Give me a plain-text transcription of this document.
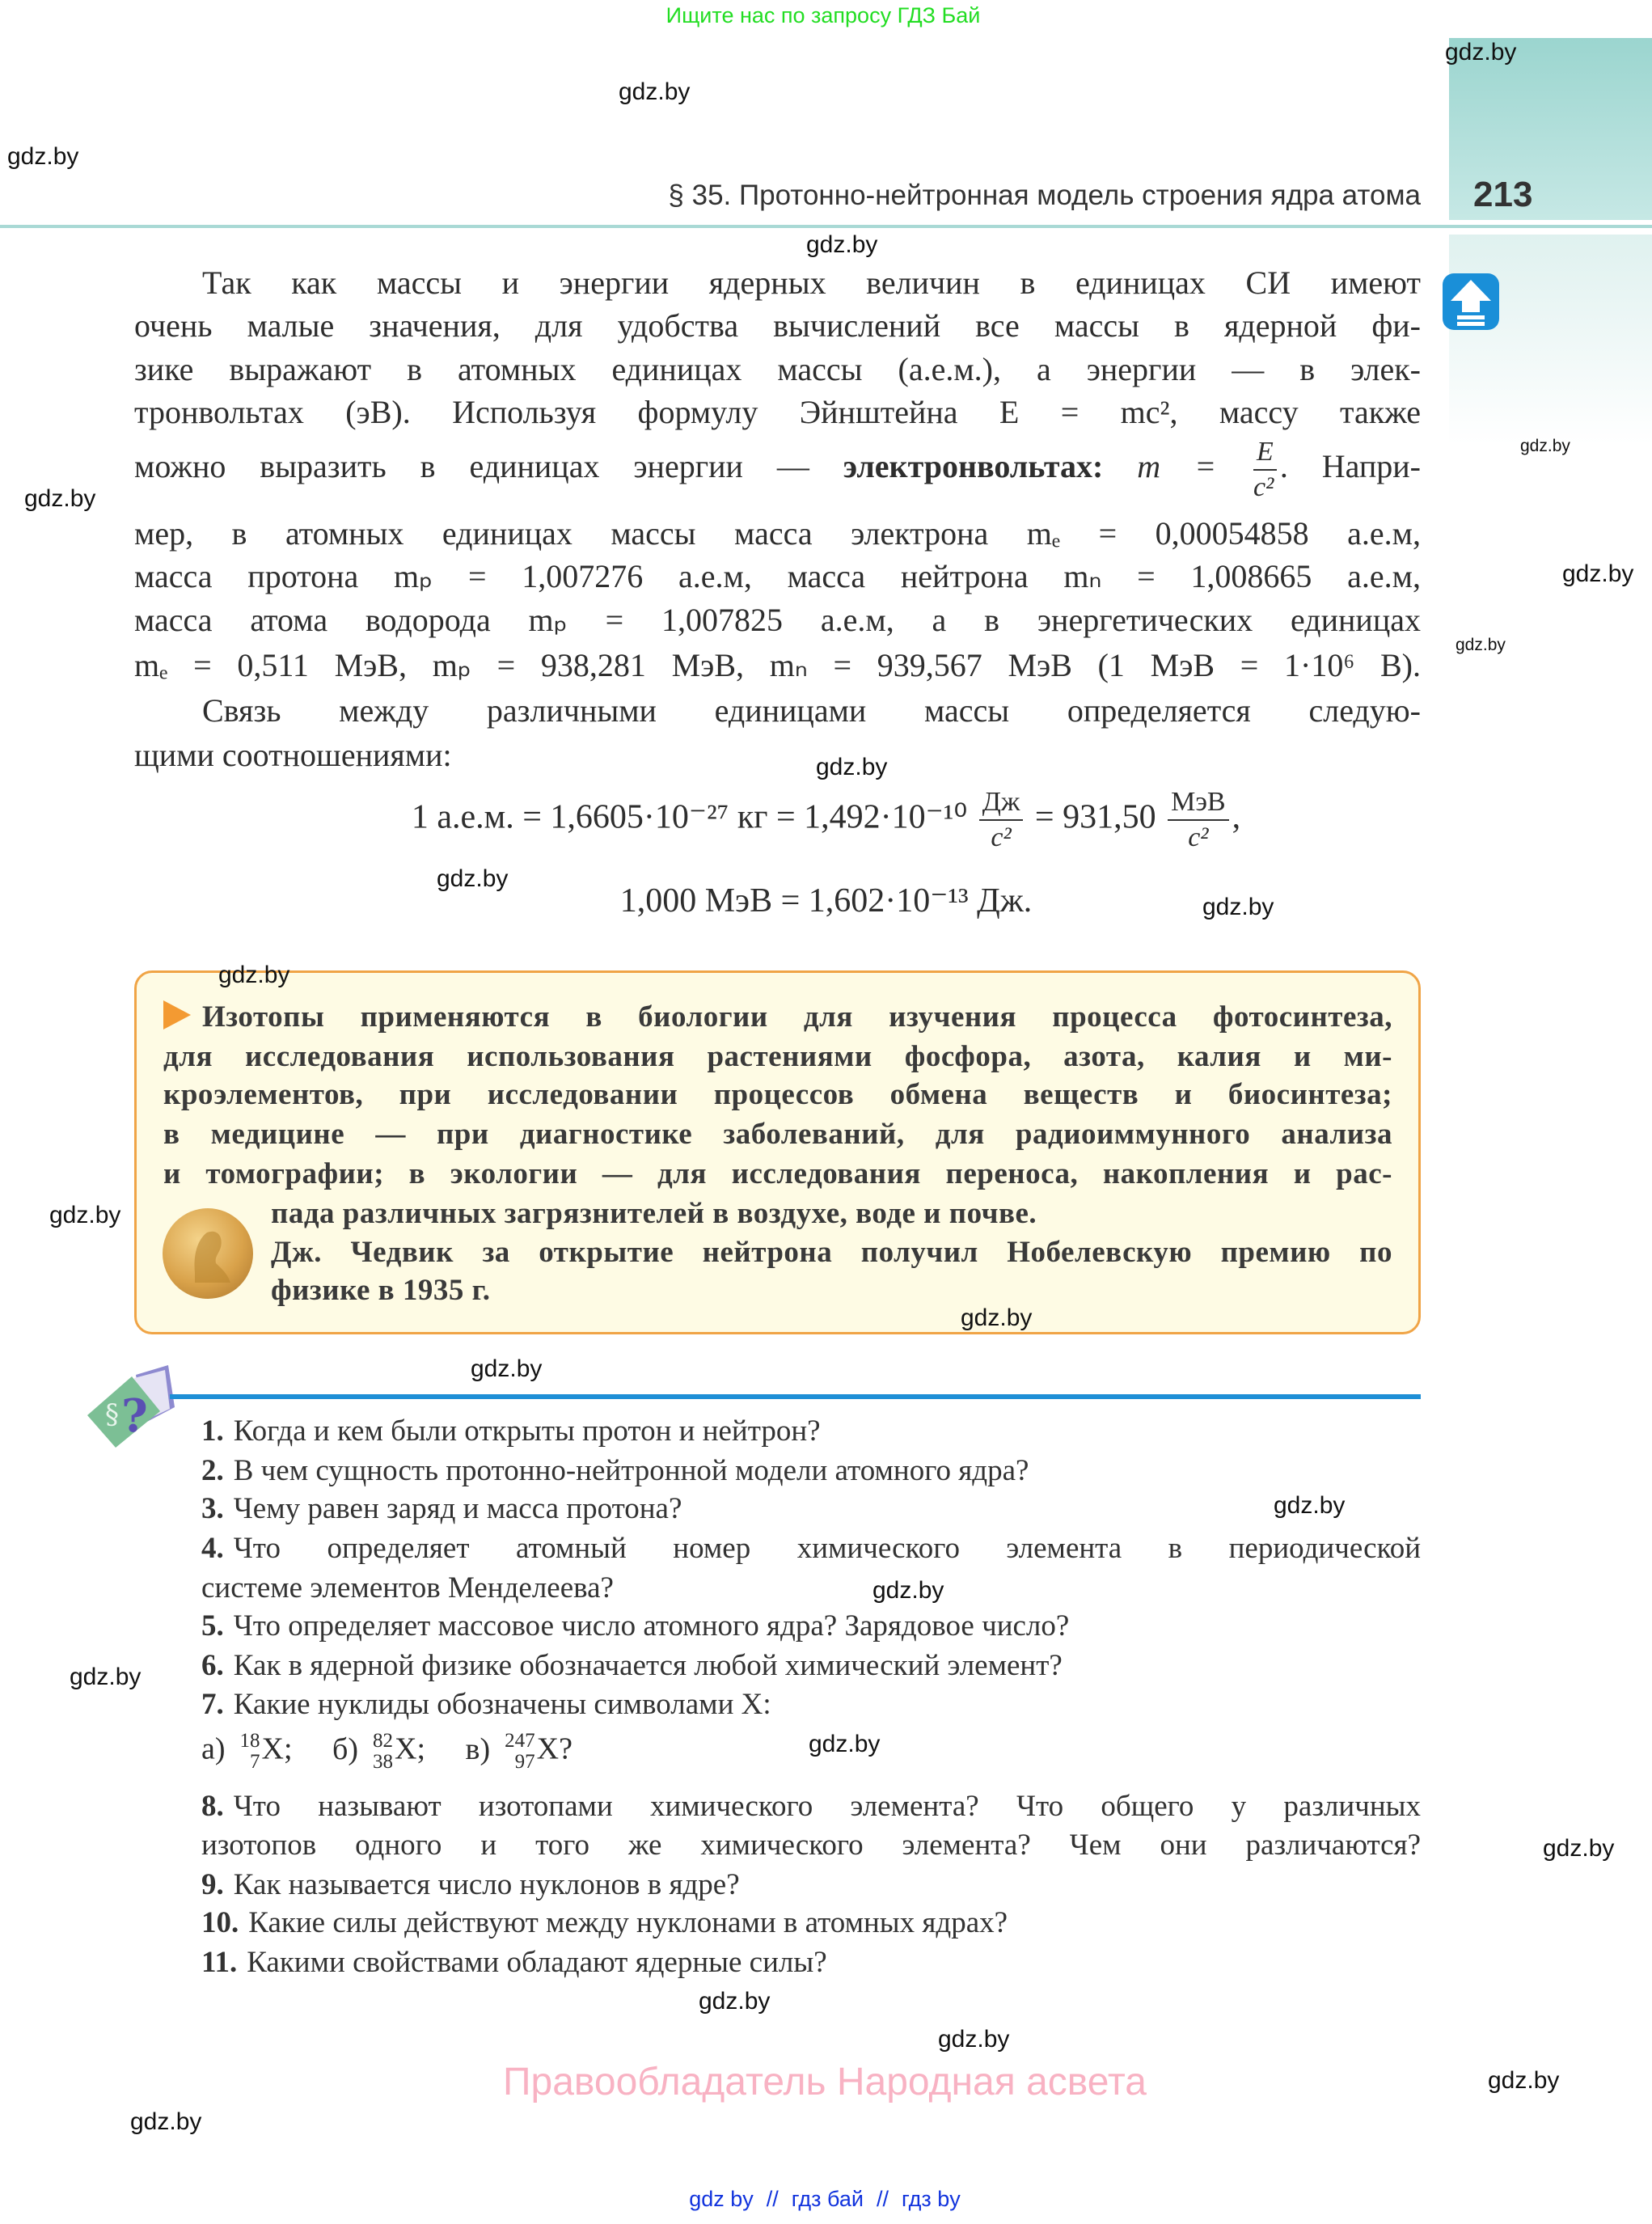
Ищите нас по запросу ГДЗ Бай
§ 35. Протонно-нейтронная модель строения ядра атома 213
Так как массы и энергии ядерных величин в единицах СИ имеют
очень малые значения, для удобства вычислений все массы в ядерной фи-
зике выражают в атомных единицах массы (а.е.м.), а энергии — в элек-
тронвольтах (эВ). Используя формулу Эйнштейна E = mc², массу также
можно выразить в единицах энергии — электронвольтах: $m = \frac{E}{\text{c²}}$ . Напри-
мер, в атомных единицах массы масса электрона mₑ = 0,00054858 а.е.м,
масса протона mₚ = 1,007276 а.е.м, масса нейтрона mₙ = 1,008665 а.е.м,
масса атома водорода mₚ = 1,007825 а.е.м, а в энергетических единицах
mₑ = 0,511 МэВ, mₚ = 938,281 МэВ, mₙ = 939,567 МэВ (1 МэВ = 1·10⁶ В).
Связь между различными единицами массы определяется следую-
щими соотношениями:
1 а.е.м. = 1,6605·10⁻²⁷ кг = $1,492\cdot 10^{-10} \frac{Дж}{\text{c²}} = 931,50 \frac{\text{МэВ}}{\text{c²}}$ ,
1,000 МэВ = 1,602·10⁻¹³ Дж.
Изотопы применяются в биологии для изучения процесса фотосинтеза,
для исследования использования растениями фосфора, азота, калия и ми-
кроэлементов, при исследовании процессов обмена веществ и биосинтеза;
в медицине — при диагностике заболеваний, для радиоиммунного анализа
и томографии; в экологии — для исследования переноса, накопления и рас-
пада различных загрязнителей в воздухе, воде и почве.
Дж. Чедвик за открытие нейтрона получил Нобелевскую премию по
физике в 1935 г.
§ ? 1. Когда и кем были открыты протон и нейтрон?
2. В чем сущность протонно-нейтронной модели атомного ядра?
3. Чему равен заряд и масса протона?
4. Что определяет атомный номер химического элемента в периодической
системе элементов Менделеева?
5. Что определяет массовое число атомного ядра? Зарядовое число?
6. Как в ядерной физике обозначается любой химический элемент?
7. Какие нуклиды обозначены символами X:
а) 18
7 X; б) 82
38 X; в) 247
97 X?
8. Что называют изотопами химического элемента? Что общего у различных
изотопов одного и того же химического элемента? Чем они различаются?
9. Как называется число нуклонов в ядре?
10. Какие силы действуют между нуклонами в атомных ядрах?
11. Какими свойствами обладают ядерные силы?
Правообладатель Народная асвета
gdz by // гдз бай // гдз by
gdz.by
gdz.by
gdz.by
gdz.by
gdz.by
gdz.by
gdz.by
gdz.by
gdz.by
gdz.by
gdz.by
gdz.by
gdz.by
gdz.by
gdz.by
gdz.by
gdz.by
gdz.by
gdz.by
gdz.by
gdz.by
gdz.by
gdz.by
gdz.by
